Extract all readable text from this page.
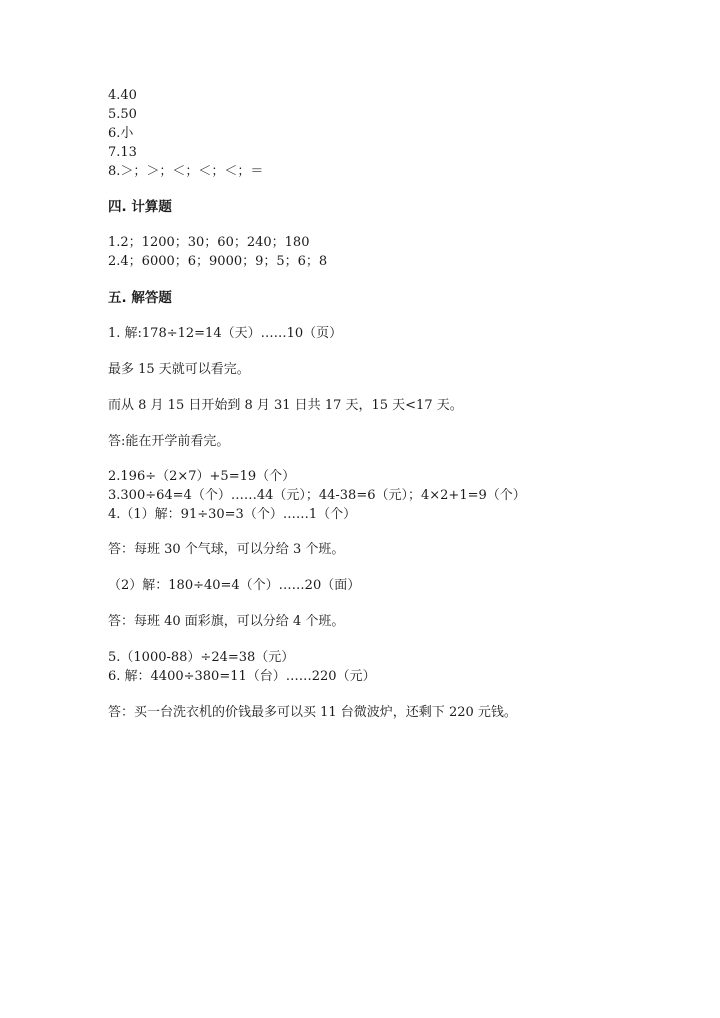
4.40
5.50
6.小
7.13
8.＞；＞；＜；＜；＜；＝
四. 计算题
1.2；1200；30；60；240；180
2.4；6000；6；9000；9；5；6；8
五. 解答题
1. 解:178÷12=14（天）……10（页）
最多 15 天就可以看完。
而从 8 月 15 日开始到 8 月 31 日共 17 天，15 天<17 天。
答:能在开学前看完。
2.196÷（2×7）+5=19（个）
3.300÷64=4（个）……44（元）；44-38=6（元）；4×2+1=9（个）
4.（1）解：91÷30=3（个）……1（个）
答：每班 30 个气球，可以分给 3 个班。
（2）解：180÷40=4（个）……20（面）
答：每班 40 面彩旗，可以分给 4 个班。
5.（1000-88）÷24=38（元）
6. 解：4400÷380=11（台）……220（元）
答：买一台洗衣机的价钱最多可以买 11 台微波炉，还剩下 220 元钱。
